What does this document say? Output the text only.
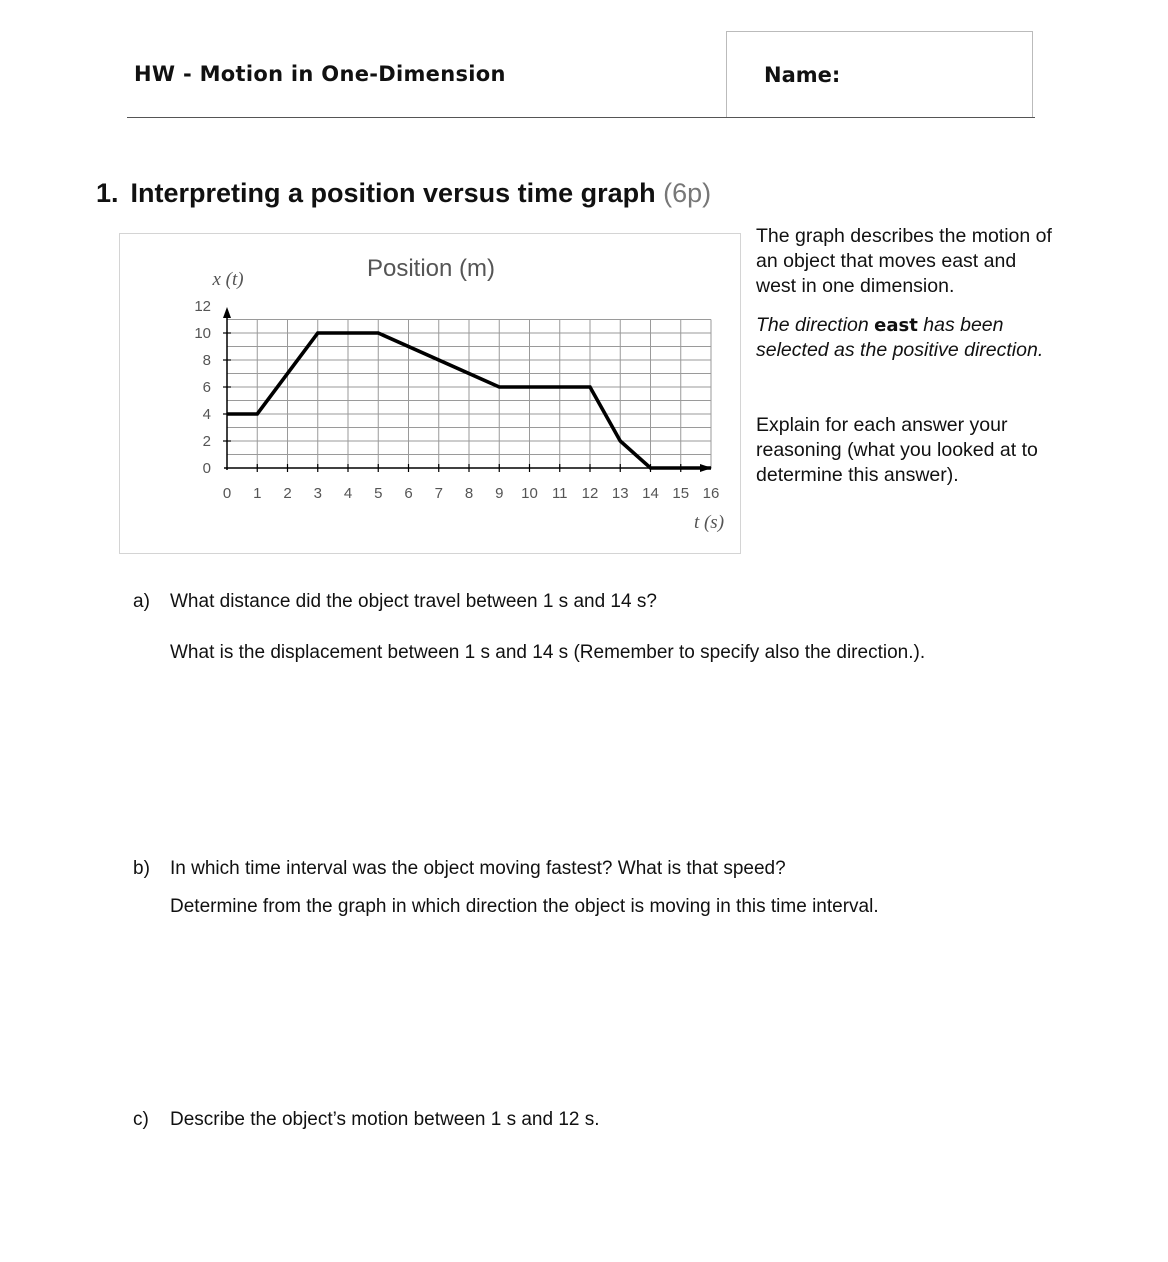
HW - Motion in One-Dimension	Name:
1. Interpreting a position versus time graph (6p)
0 1 2 3 4 5 6 7 8 9 10 11 12 13 14 15 16
0
2
4
6
8
10
12
Position (m)
x (t)
t (s)
The graph describes the motion of an object that moves east and west in one dimension.
The direction east has been selected as the positive direction.
Explain for each answer your reasoning (what you looked at to determine this answer).
a) What distance did the object travel between 1 s and 14 s?
What is the displacement between 1 s and 14 s (Remember to specify also the direction.).
b) In which time interval was the object moving fastest? What is that speed?
Determine from the graph in which direction the object is moving in this time interval.
c) Describe the object’s motion between 1 s and 12 s.
